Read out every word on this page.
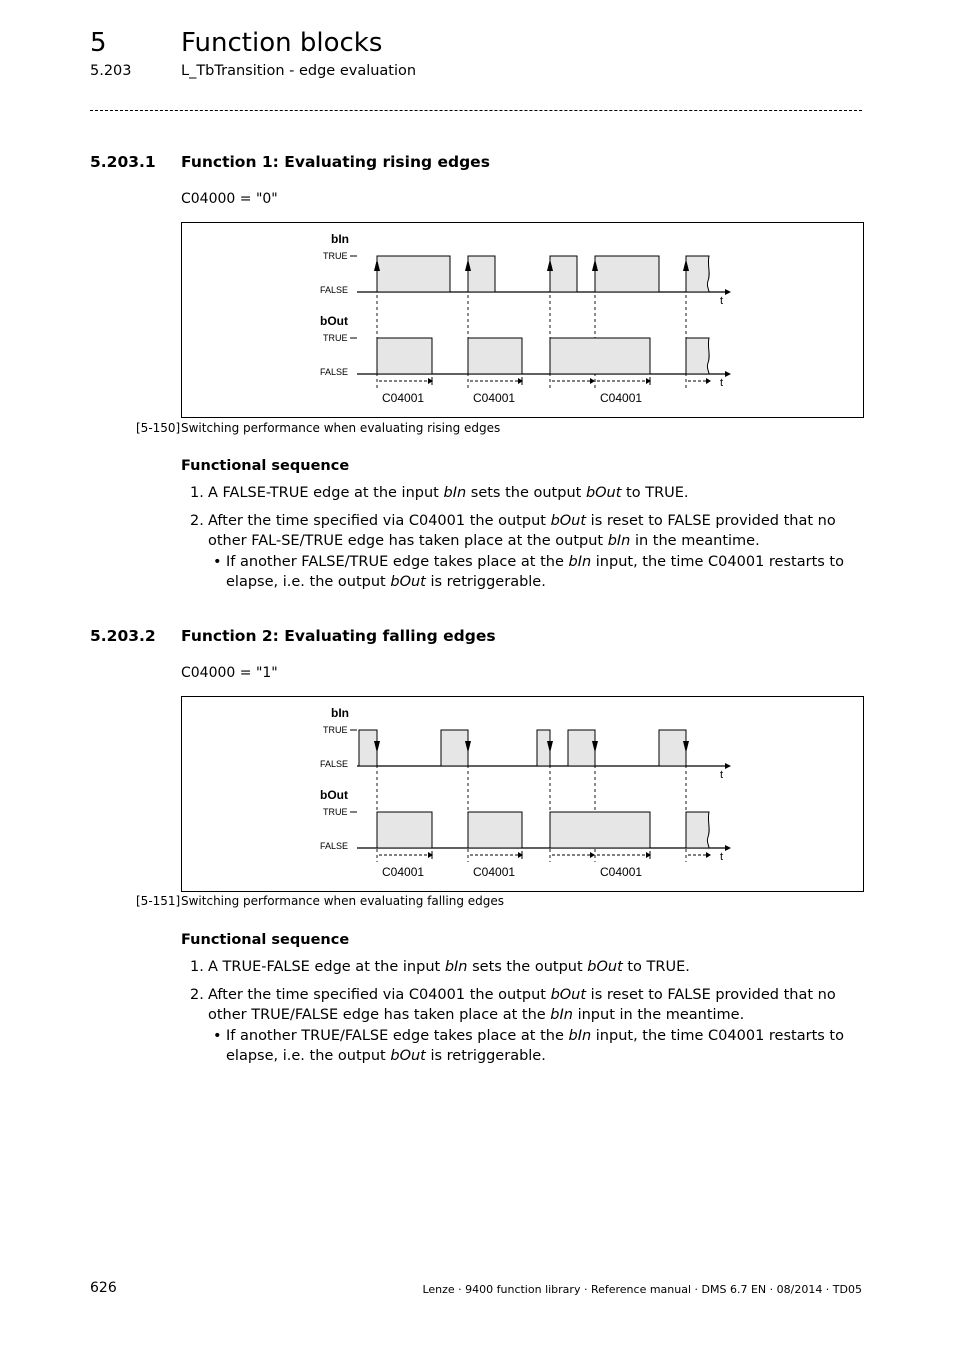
5	Function blocks
5.203	L_TbTransition - edge evaluation
5.203.1 Function 1: Evaluating rising edges
C04000 = "0"
bIn
TRUE
FALSE
bOut
TRUE
FALSE
t
t
C04001	C04001	C04001
[5-150] Switching performance when evaluating rising edges
Functional sequence
1. A FALSE-TRUE edge at the input bIn sets the output bOut to TRUE.
2. After the time specified via C04001 the output bOut is reset to FALSE provided that no other FAL-SE/TRUE edge has taken place at the output bIn in the meantime.
• If another FALSE/TRUE edge takes place at the bIn input, the time C04001 restarts to elapse, i.e. the output bOut is retriggerable.
5.203.2 Function 2: Evaluating falling edges
C04000 = "1"
bIn
TRUE
FALSE
bOut
TRUE
FALSE
t
t
C04001	C04001	C04001
[5-151] Switching performance when evaluating falling edges
Functional sequence
1. A TRUE-FALSE edge at the input bIn sets the output bOut to TRUE.
2. After the time specified via C04001 the output bOut is reset to FALSE provided that no other TRUE/FALSE edge has taken place at the bIn input in the meantime.
• If another TRUE/FALSE edge takes place at the bIn input, the time C04001 restarts to elapse, i.e. the output bOut is retriggerable.
626	Lenze · 9400 function library · Reference manual · DMS 6.7 EN · 08/2014 · TD05
